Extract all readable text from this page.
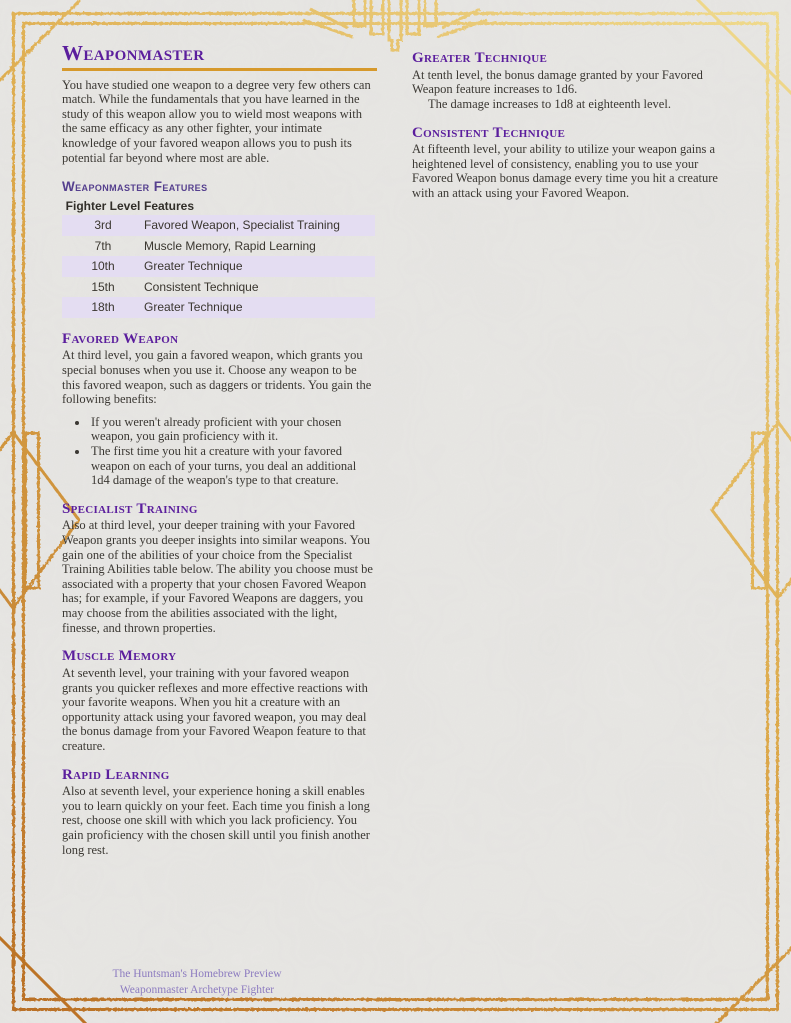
Weaponmaster

You have studied one weapon to a degree very few others can match. While the fundamentals that you have learned in the study of this weapon allow you to wield most weapons with the same efficacy as any other fighter, your intimate knowledge of your favored weapon allows you to push its potential far beyond where most are able.

Weaponmaster Features
Fighter Level Features
3rd	Favored Weapon, Specialist Training
7th	Muscle Memory, Rapid Learning
10th	Greater Technique
15th	Consistent Technique
18th	Greater Technique
Favored Weapon

At third level, you gain a favored weapon, which grants you special bonuses when you use it. Choose any weapon to be this favored weapon, such as daggers or tridents. You gain the following benefits:

• If you weren't already proficient with your chosen weapon, you gain proficiency with it.
• The first time you hit a creature with your favored weapon on each of your turns, you deal an additional 1d4 damage of the weapon's type to that creature.
Specialist Training

Also at third level, your deeper training with your Favored Weapon grants you deeper insights into similar weapons. You gain one of the abilities of your choice from the Specialist Training Abilities table below. The ability you choose must be associated with a property that your chosen Favored Weapon has; for example, if your Favored Weapons are daggers, you may choose from the abilities associated with the light, finesse, and thrown properties.

Muscle Memory

At seventh level, your training with your favored weapon grants you quicker reflexes and more effective reactions with your favorite weapons. When you hit a creature with an opportunity attack using your favored weapon, you may deal the bonus damage from your Favored Weapon feature to that creature.

Rapid Learning

Also at seventh level, your experience honing a skill enables you to learn quickly on your feet. Each time you finish a long rest, choose one skill with which you lack proficiency. You gain proficiency with the chosen skill until you finish another long rest.

Greater Technique

At tenth level, the bonus damage granted by your Favored Weapon feature increases to 1d6.

The damage increases to 1d8 at eighteenth level.

Consistent Technique

At fifteenth level, your ability to utilize your weapon gains a heightened level of consistency, enabling you to use your Favored Weapon bonus damage every time you hit a creature with an attack using your Favored Weapon.

The Huntsman's Homebrew Preview
Weaponmaster Archetype Fighter
